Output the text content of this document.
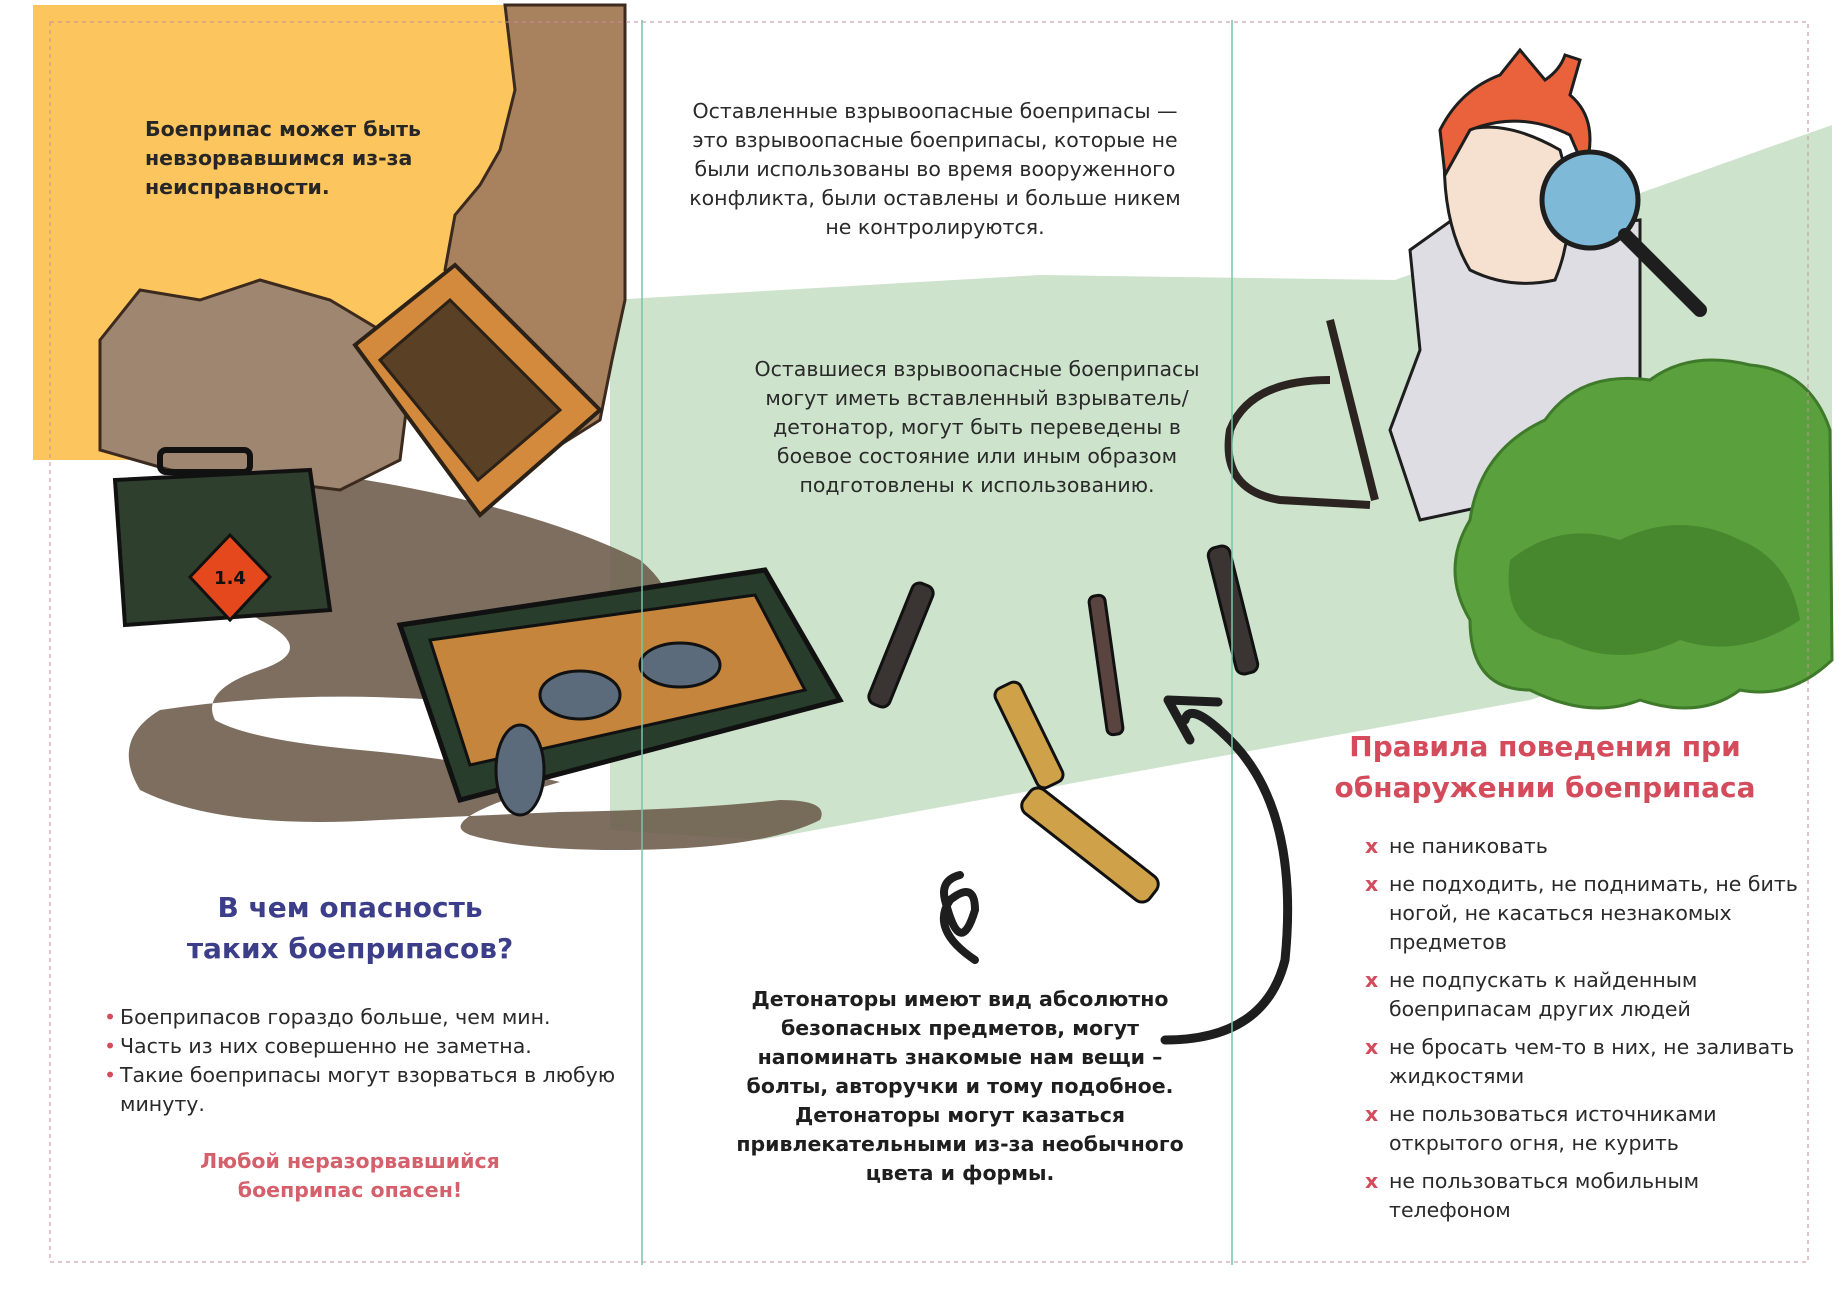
1.4
Боеприпас может быть невзорвавшимся из-за неисправности.
В чем опасность
таких боеприпасов?
• Боеприпасов гораздо больше, чем мин.
• Часть из них совершенно не заметна.
• Такие боеприпасы могут взорваться в любую минуту.
Любой неразорвавшийся боеприпас опасен!
Оставленные взрывоопасные боеприпасы — это взрывоопасные боеприпасы, которые не были использованы во время вооруженного конфликта, были оставлены и больше никем не контролируются.
Оставшиеся взрывоопасные боеприпасы могут иметь вставленный взрыватель/детонатор, могут быть переведены в боевое состояние или иным образом подготовлены к использованию.
Детонаторы имеют вид абсолютно безопасных предметов, могут напоминать знакомые нам вещи – болты, авторучки и тому подобное. Детонаторы могут казаться привлекательными из-за необычного цвета и формы.
Правила поведения при
обнаружении боеприпаса
x не паниковать
x не подходить, не поднимать, не бить ногой, не касаться незнакомых предметов
x не подпускать к найденным боеприпасам других людей
x не бросать чем-то в них, не заливать жидкостями
x не пользоваться источниками открытого огня, не курить
x не пользоваться мобильным телефоном
